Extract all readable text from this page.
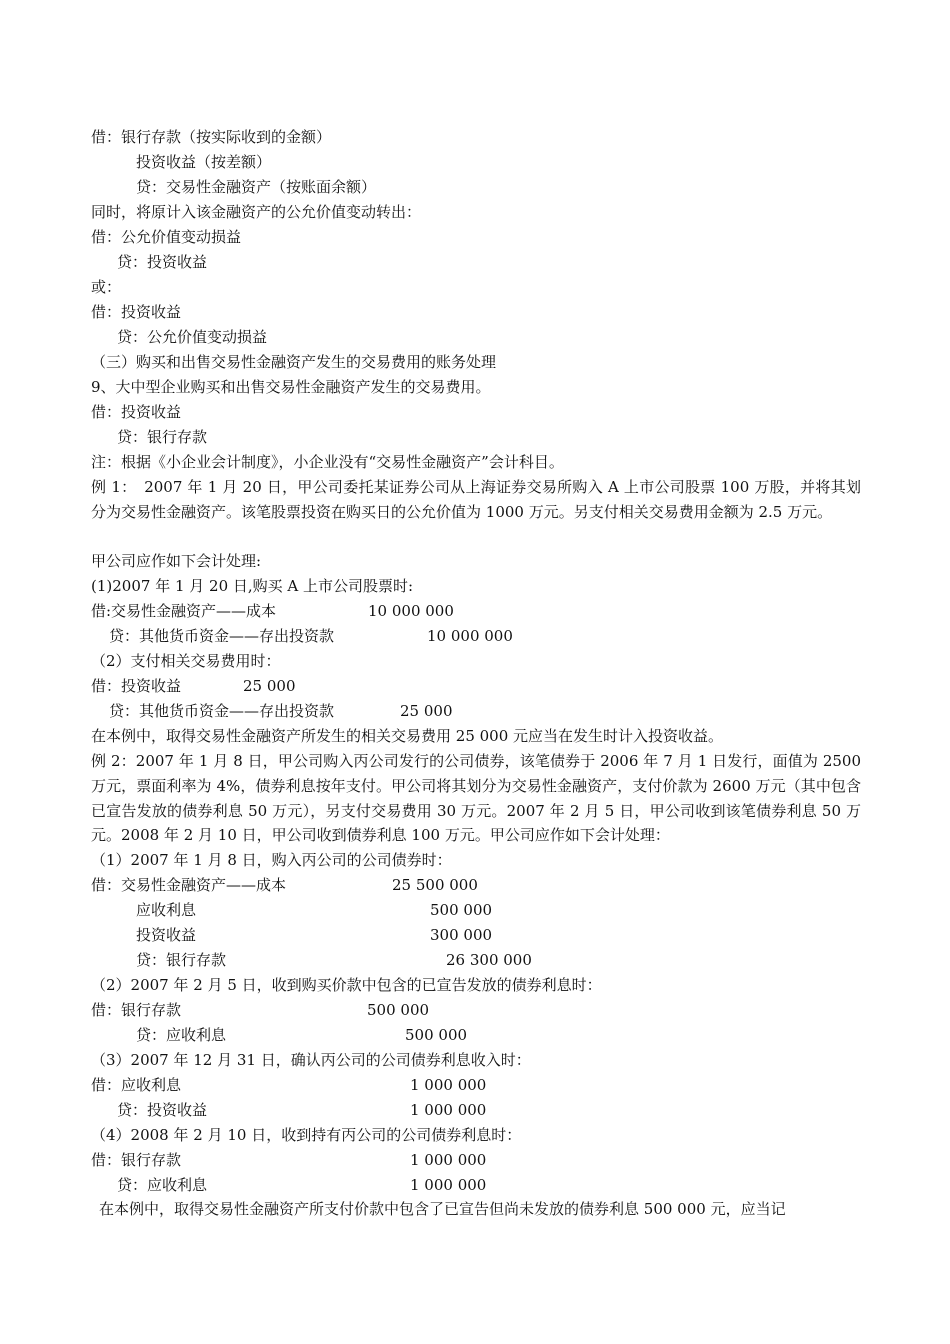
借：银行存款（按实际收到的金额）
投资收益（按差额）
贷：交易性金融资产（按账面余额）
同时，将原计入该金融资产的公允价值变动转出：
借：公允价值变动损益
贷：投资收益
或：
借：投资收益
贷：公允价值变动损益
（三）购买和出售交易性金融资产发生的交易费用的账务处理
9、大中型企业购买和出售交易性金融资产发生的交易费用。
借：投资收益
贷：银行存款
注：根据《小企业会计制度》，小企业没有“交易性金融资产”会计科目。
例 1：　2007 年 1 月 20 日，甲公司委托某证券公司从上海证券交易所购入 A 上市公司股票 100 万股，并将其划分为交易性金融资产。该笔股票投资在购买日的公允价值为 1000 万元。另支付相关交易费用金额为 2.5 万元。
甲公司应作如下会计处理:
(1)2007 年 1 月 20 日,购买 A 上市公司股票时:
借:交易性金融资产——成本	10 000 000
贷：其他货币资金——存出投资款	10 000 000
（2）支付相关交易费用时：
借：投资收益	25 000
贷：其他货币资金——存出投资款	25 000
在本例中，取得交易性金融资产所发生的相关交易费用 25 000 元应当在发生时计入投资收益。
例 2：2007 年 1 月 8 日，甲公司购入丙公司发行的公司债券，该笔债券于 2006 年 7 月 1 日发行，面值为 2500 万元，票面利率为 4%，债券利息按年支付。甲公司将其划分为交易性金融资产，支付价款为 2600 万元（其中包含已宣告发放的债券利息 50 万元），另支付交易费用 30 万元。2007 年 2 月 5 日，甲公司收到该笔债券利息 50 万元。2008 年 2 月 10 日，甲公司收到债券利息 100 万元。甲公司应作如下会计处理：
（1）2007 年 1 月 8 日，购入丙公司的公司债券时：
借：交易性金融资产——成本	25 500 000
应收利息	500 000
投资收益	300 000
贷：银行存款	26 300 000
（2）2007 年 2 月 5 日，收到购买价款中包含的已宣告发放的债券利息时：
借：银行存款	500 000
贷：应收利息	500 000
（3）2007 年 12 月 31 日，确认丙公司的公司债券利息收入时：
借：应收利息	1 000 000
贷：投资收益	1 000 000
（4）2008 年 2 月 10 日，收到持有丙公司的公司债券利息时：
借：银行存款	1 000 000
贷：应收利息	1 000 000
在本例中，取得交易性金融资产所支付价款中包含了已宣告但尚未发放的债券利息 500 000 元，应当记
